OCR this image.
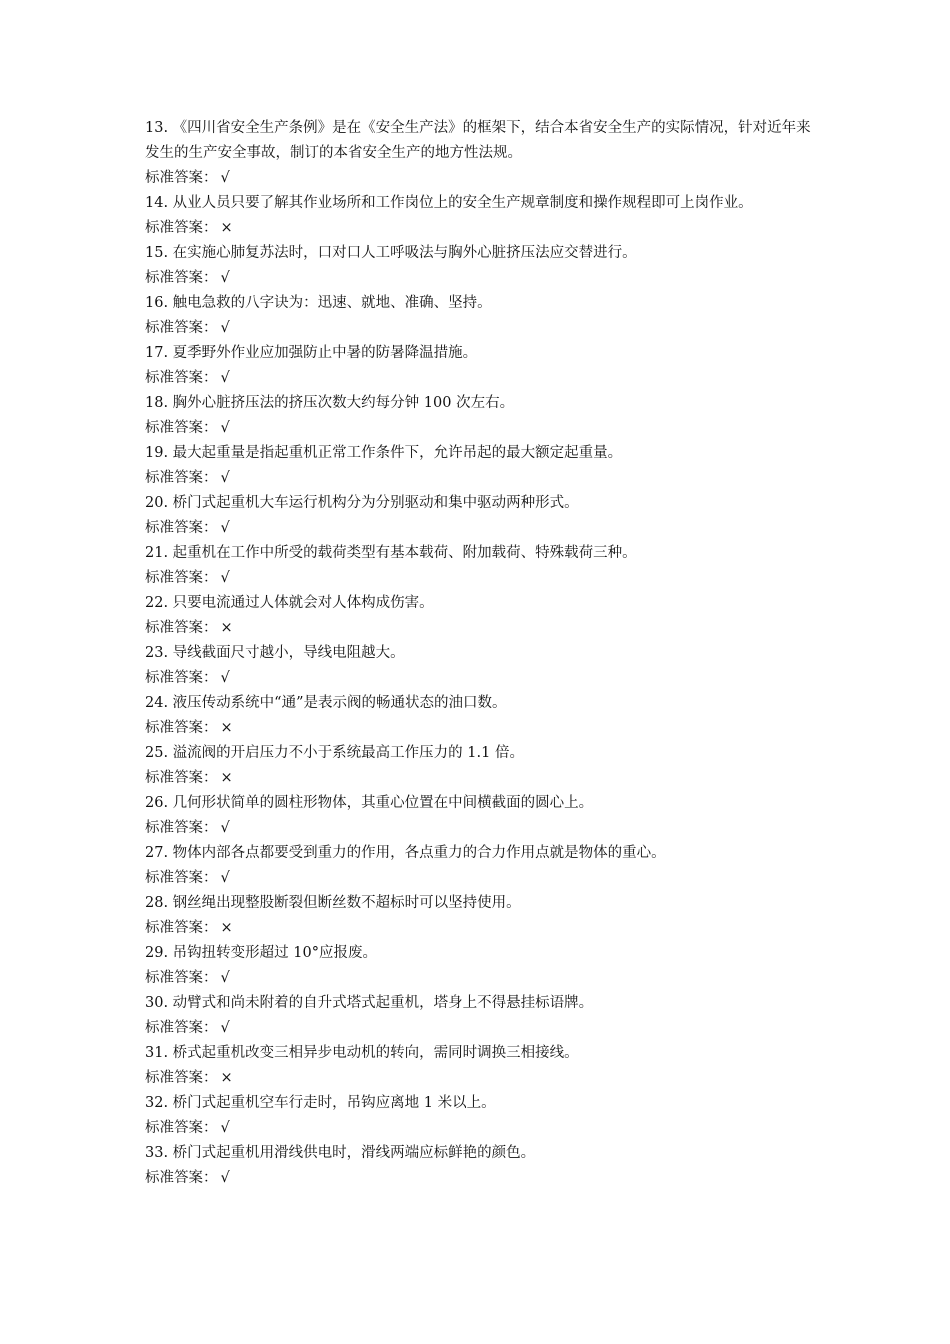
13. 《四川省安全生产条例》是在《安全生产法》的框架下，结合本省安全生产的实际情况，针对近年来发生的生产安全事故，制订的本省安全生产的地方性法规。
标准答案： √
14. 从业人员只要了解其作业场所和工作岗位上的安全生产规章制度和操作规程即可上岗作业。
标准答案： ×
15. 在实施心肺复苏法时，口对口人工呼吸法与胸外心脏挤压法应交替进行。
标准答案： √
16. 触电急救的八字诀为：迅速、就地、准确、坚持。
标准答案： √
17. 夏季野外作业应加强防止中暑的防暑降温措施。
标准答案： √
18. 胸外心脏挤压法的挤压次数大约每分钟 100 次左右。
标准答案： √
19. 最大起重量是指起重机正常工作条件下，允许吊起的最大额定起重量。
标准答案： √
20. 桥门式起重机大车运行机构分为分别驱动和集中驱动两种形式。
标准答案： √
21. 起重机在工作中所受的载荷类型有基本载荷、附加载荷、特殊载荷三种。
标准答案： √
22. 只要电流通过人体就会对人体构成伤害。
标准答案： ×
23. 导线截面尺寸越小，导线电阻越大。
标准答案： √
24. 液压传动系统中“通”是表示阀的畅通状态的油口数。
标准答案： ×
25. 溢流阀的开启压力不小于系统最高工作压力的 1.1 倍。
标准答案： ×
26. 几何形状简单的圆柱形物体，其重心位置在中间横截面的圆心上。
标准答案： √
27. 物体内部各点都要受到重力的作用，各点重力的合力作用点就是物体的重心。
标准答案： √
28. 钢丝绳出现整股断裂但断丝数不超标时可以坚持使用。
标准答案： ×
29. 吊钩扭转变形超过 10°应报废。
标准答案： √
30. 动臂式和尚未附着的自升式塔式起重机，塔身上不得悬挂标语牌。
标准答案： √
31. 桥式起重机改变三相异步电动机的转向，需同时调换三相接线。
标准答案： ×
32. 桥门式起重机空车行走时，吊钩应离地 1 米以上。
标准答案： √
33. 桥门式起重机用滑线供电时，滑线两端应标鲜艳的颜色。
标准答案： √
